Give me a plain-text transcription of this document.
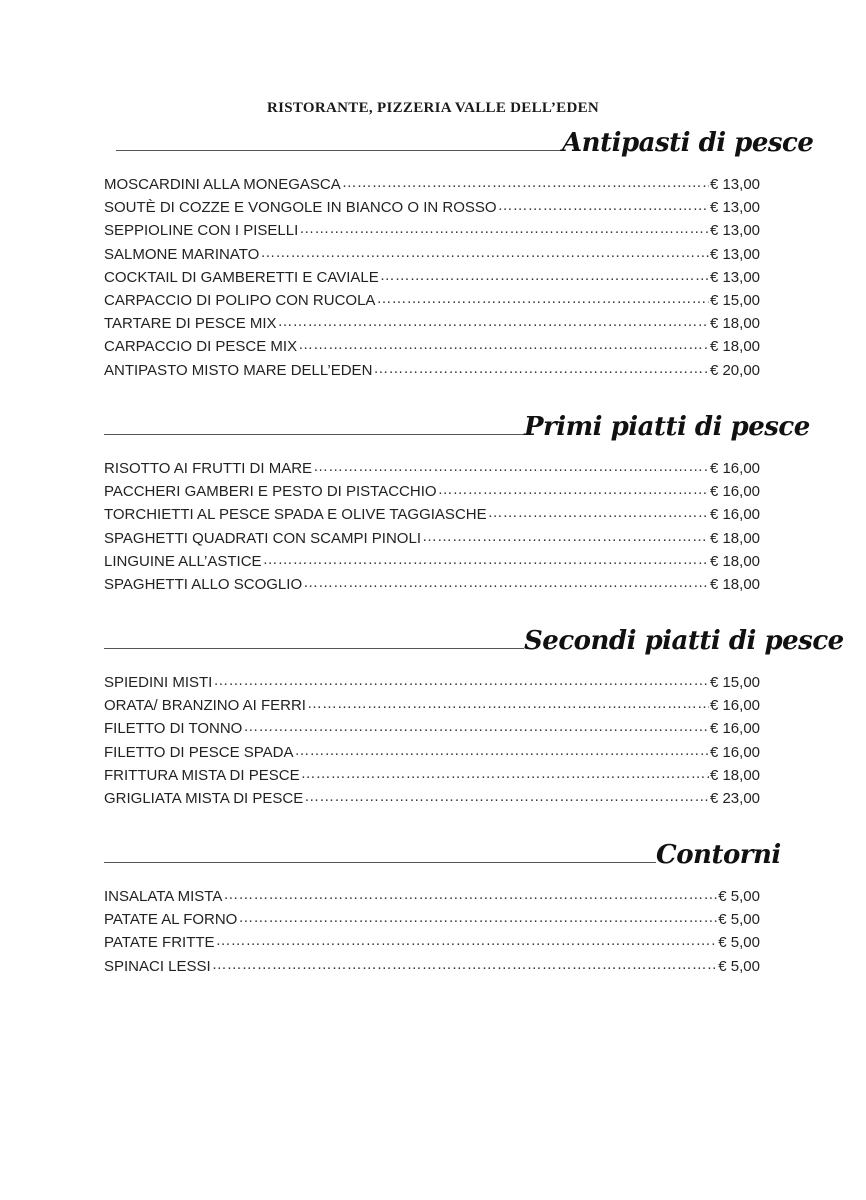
RISTORANTE, PIZZERIA VALLE DELL’EDEN
Antipasti di pesce
MOSCARDINI ALLA MONEGASCA ……………………………………………………………………………………………………………………………………………………………………	€ 13,00
SOUTÈ DI COZZE E VONGOLE IN BIANCO O IN ROSSO ……………………………………………………………………………………………………………………………………………………………………	€ 13,00
SEPPIOLINE CON I PISELLI ……………………………………………………………………………………………………………………………………………………………………	€ 13,00
SALMONE MARINATO ……………………………………………………………………………………………………………………………………………………………………	€ 13,00
COCKTAIL DI GAMBERETTI E CAVIALE ……………………………………………………………………………………………………………………………………………………………………	€ 13,00
CARPACCIO DI POLIPO CON RUCOLA ……………………………………………………………………………………………………………………………………………………………………	€ 15,00
TARTARE DI PESCE MIX ……………………………………………………………………………………………………………………………………………………………………	€ 18,00
CARPACCIO DI PESCE MIX ……………………………………………………………………………………………………………………………………………………………………	€ 18,00
ANTIPASTO MISTO MARE DELL’EDEN ……………………………………………………………………………………………………………………………………………………………………	€ 20,00
Primi piatti di pesce
RISOTTO AI FRUTTI DI MARE ……………………………………………………………………………………………………………………………………………………………………	€ 16,00
PACCHERI GAMBERI E PESTO DI PISTACCHIO ……………………………………………………………………………………………………………………………………………………………………	€ 16,00
TORCHIETTI AL PESCE SPADA E OLIVE TAGGIASCHE ……………………………………………………………………………………………………………………………………………………………………	€ 16,00
SPAGHETTI QUADRATI CON SCAMPI PINOLI ……………………………………………………………………………………………………………………………………………………………………	€ 18,00
LINGUINE ALL’ASTICE ……………………………………………………………………………………………………………………………………………………………………	€ 18,00
SPAGHETTI ALLO SCOGLIO ……………………………………………………………………………………………………………………………………………………………………	€ 18,00
Secondi piatti di pesce
SPIEDINI MISTI ……………………………………………………………………………………………………………………………………………………………………	€ 15,00
ORATA/ BRANZINO AI FERRI ……………………………………………………………………………………………………………………………………………………………………	€ 16,00
FILETTO DI TONNO ……………………………………………………………………………………………………………………………………………………………………	€ 16,00
FILETTO DI PESCE SPADA ……………………………………………………………………………………………………………………………………………………………………	€ 16,00
FRITTURA MISTA DI PESCE ……………………………………………………………………………………………………………………………………………………………………	€ 18,00
GRIGLIATA MISTA DI PESCE ……………………………………………………………………………………………………………………………………………………………………	€ 23,00
Contorni
INSALATA MISTA ……………………………………………………………………………………………………………………………………………………………………	€ 5,00
PATATE AL FORNO ……………………………………………………………………………………………………………………………………………………………………	€ 5,00
PATATE FRITTE ……………………………………………………………………………………………………………………………………………………………………	€ 5,00
SPINACI LESSI ……………………………………………………………………………………………………………………………………………………………………	€ 5,00
